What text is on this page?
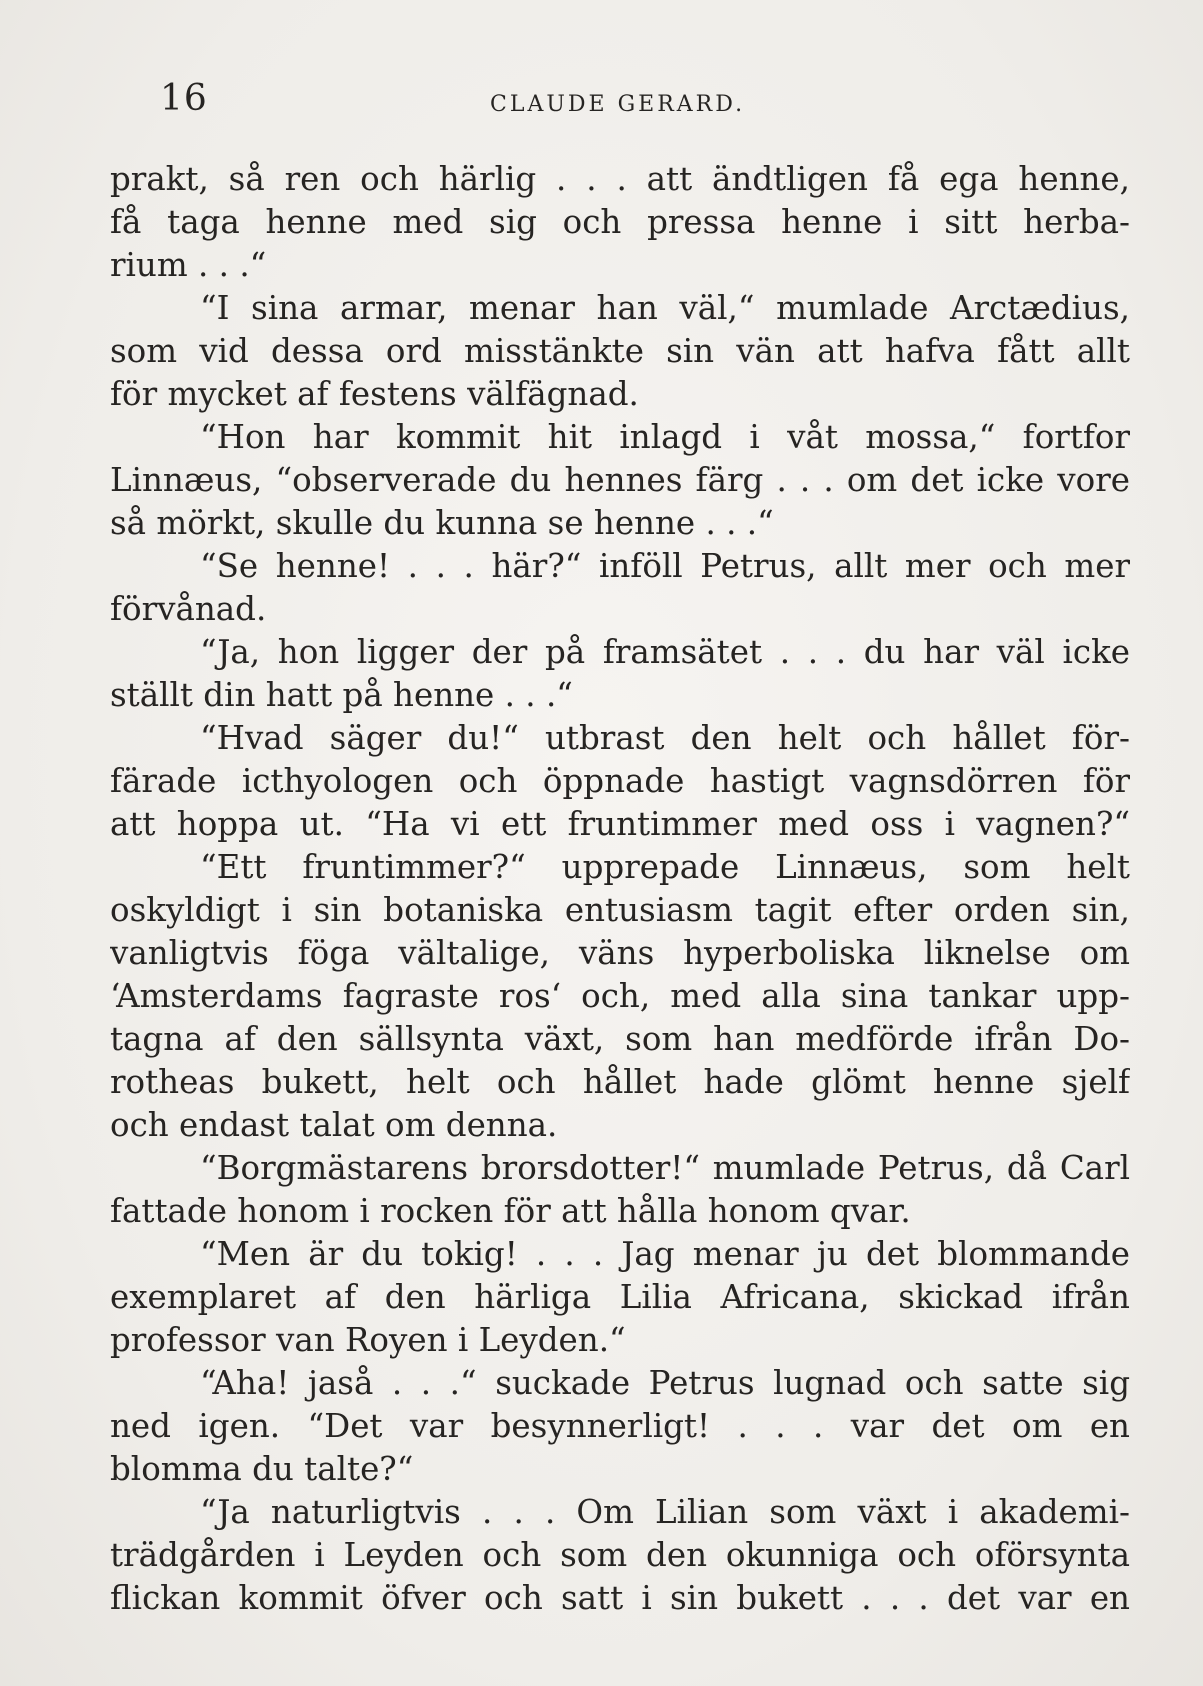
16	CLAUDE GERARD.
prakt, så ren och härlig . . . att ändtligen få ega henne,
få taga henne med sig och pressa henne i sitt herba-
rium . . .“
“I sina armar, menar han väl,“ mumlade Arctædius,
som vid dessa ord misstänkte sin vän att hafva fått allt
för mycket af festens välfägnad.
“Hon har kommit hit inlagd i våt mossa,“ fortfor
Linnæus, “observerade du hennes färg . . . om det icke vore
så mörkt, skulle du kunna se henne . . .“
“Se henne! . . . här?“ inföll Petrus, allt mer och mer
förvånad.
“Ja, hon ligger der på framsätet . . . du har väl icke
ställt din hatt på henne . . .“
“Hvad säger du!“ utbrast den helt och hållet för-
färade icthyologen och öppnade hastigt vagnsdörren för
att hoppa ut. “Ha vi ett fruntimmer med oss i vagnen?“
“Ett fruntimmer?“ upprepade Linnæus, som helt
oskyldigt i sin botaniska entusiasm tagit efter orden sin,
vanligtvis föga vältalige, väns hyperboliska liknelse om
‘Amsterdams fagraste ros‘ och, med alla sina tankar upp-
tagna af den sällsynta växt, som han medförde ifrån Do-
rotheas bukett, helt och hållet hade glömt henne sjelf
och endast talat om denna.
“Borgmästarens brorsdotter!“ mumlade Petrus, då Carl
fattade honom i rocken för att hålla honom qvar.
“Men är du tokig! . . . Jag menar ju det blommande
exemplaret af den härliga Lilia Africana, skickad ifrån
professor van Royen i Leyden.“
“Aha! jaså . . .“ suckade Petrus lugnad och satte sig
ned igen. “Det var besynnerligt! . . . var det om en
blomma du talte?“
“Ja naturligtvis . . . Om Lilian som växt i akademi-
trädgården i Leyden och som den okunniga och oförsynta
flickan kommit öfver och satt i sin bukett . . . det var en
